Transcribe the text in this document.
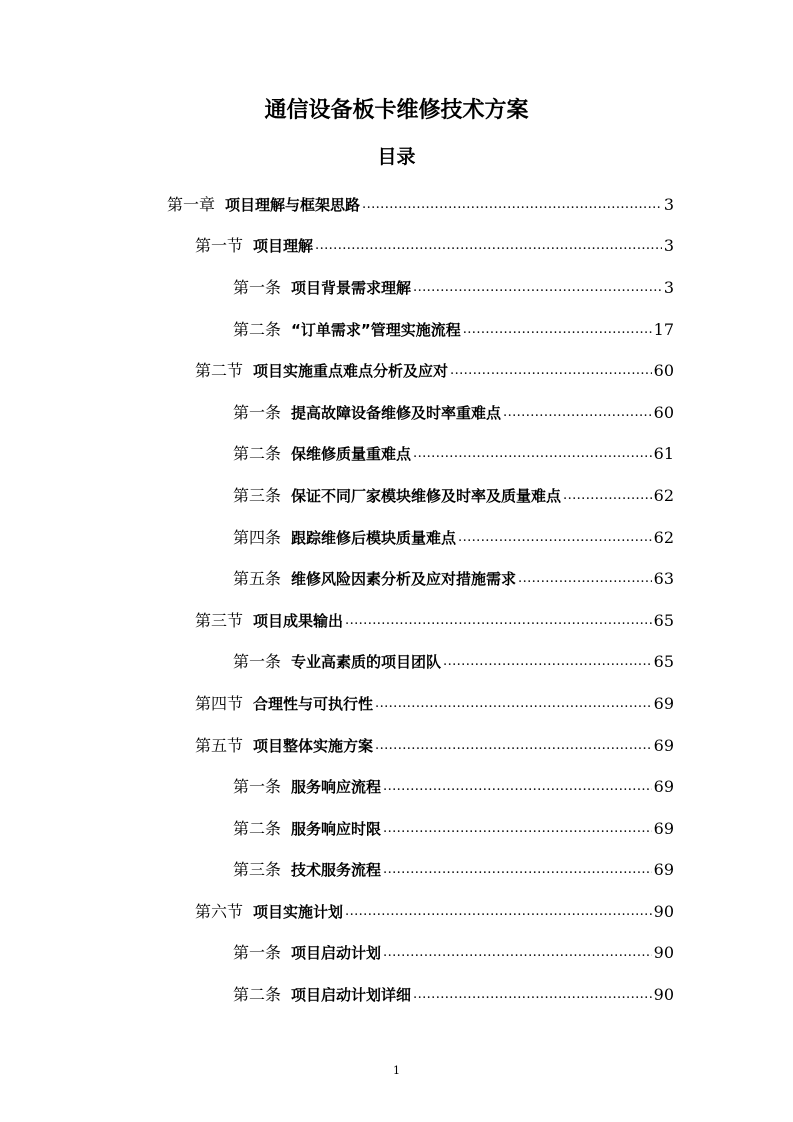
通信设备板卡维修技术方案
目录
第一章 项目理解与框架思路 .....	3
第一节 项目理解 .....	3
第一条 项目背景需求理解 .....	3
第二条 “订单需求”管理实施流程 .....	17
第二节 项目实施重点难点分析及应对 .....	60
第一条 提高故障设备维修及时率重难点 .....	60
第二条 保维修质量重难点 .....	61
第三条 保证不同厂家模块维修及时率及质量难点 .....	62
第四条 跟踪维修后模块质量难点 .....	62
第五条 维修风险因素分析及应对措施需求 .....	63
第三节 项目成果输出 .....	65
第一条 专业高素质的项目团队 .....	65
第四节 合理性与可执行性 .....	69
第五节 项目整体实施方案 .....	69
第一条 服务响应流程 .....	69
第二条 服务响应时限 .....	69
第三条 技术服务流程 .....	69
第六节 项目实施计划 .....	90
第一条 项目启动计划 .....	90
第二条 项目启动计划详细 .....	90
1
